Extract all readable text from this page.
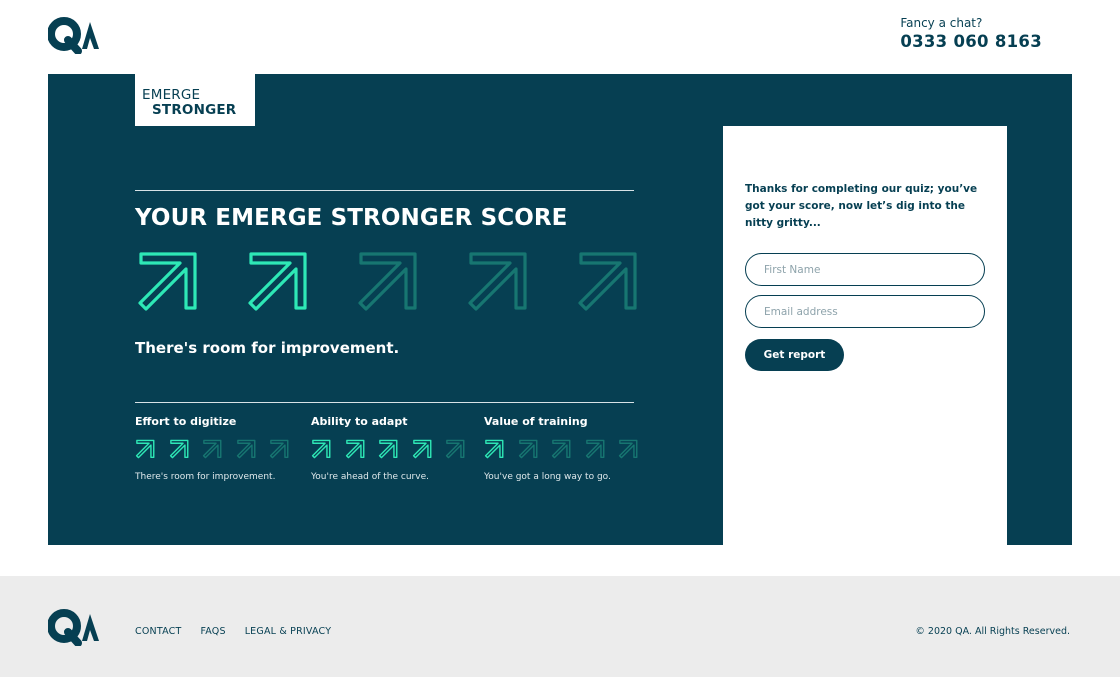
Fancy a chat?
0333 060 8163
EMERGE
STRONGER
YOUR EMERGE STRONGER SCORE
There's room for improvement.
Effort to digitize
There's room for improvement.
Ability to adapt
You're ahead of the curve.
Value of training
You've got a long way to go.
Thanks for completing our quiz; you’ve got your score, now let’s dig into the nitty gritty...
First Name
Email address
Get report
CONTACT FAQS LEGAL & PRIVACY	© 2020 QA. All Rights Reserved.
